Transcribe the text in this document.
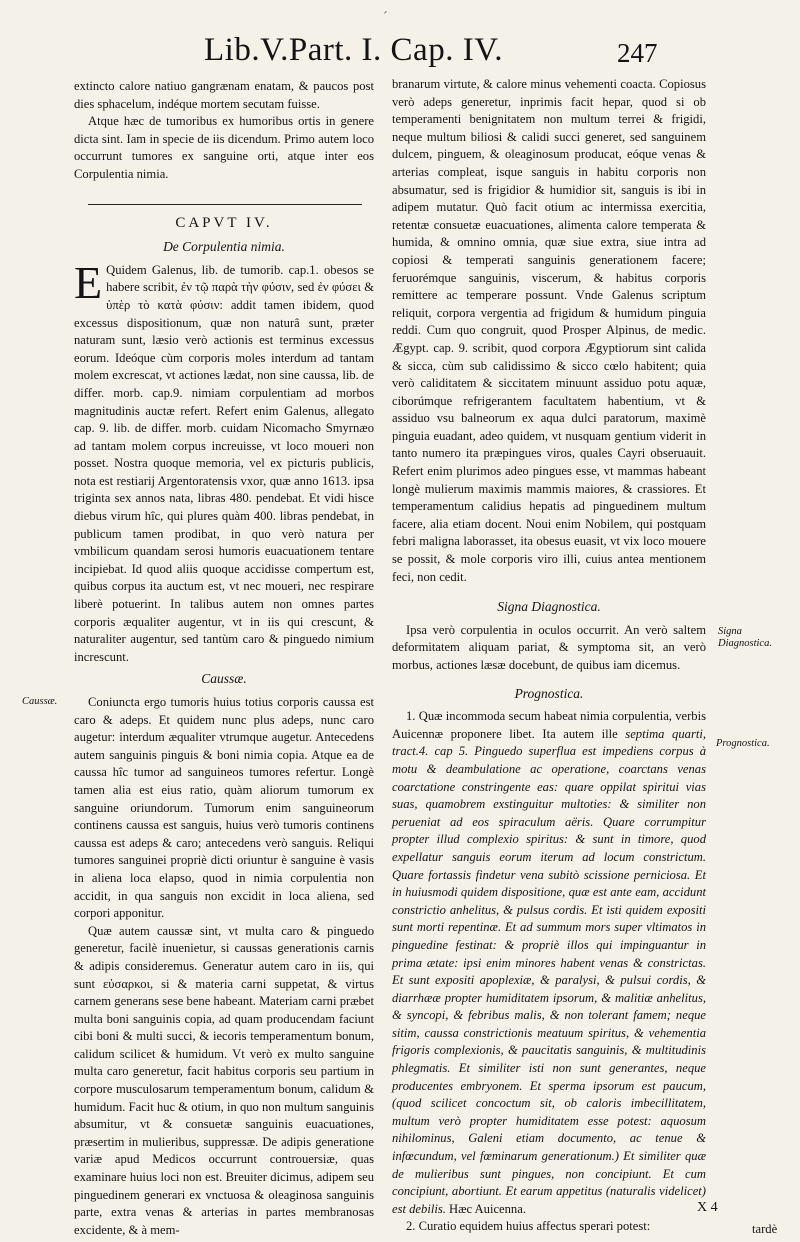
ˊ
Lib.V.Part. I. Cap. IV.	247

extincto calore natiuo gangrænam enatam, & paucos post dies sphacelum, indéque mortem secutam fuisse.

Atque hæc de tumoribus ex humoribus ortis in genere dicta sint. Iam in specie de iis dicendum. Primo autem loco occurrunt tumores ex sanguine orti, atque inter eos Corpulentia nimia.

CAPVT IV.
De Corpulentia nimia.

E Quidem Galenus, lib. de tumorib. cap.1. obesos se habere scribit, ἐν τῷ παρὰ τὴν φύσιν, sed ἐν φύσει & ὑπὲρ τὸ κατὰ φύσιν: addit tamen ibidem, quod excessus dispositionum, quæ non naturâ sunt, præter naturam sunt, læsio verò actionis est terminus excessus eorum. Ideóque cùm corporis moles interdum ad tantam molem excrescat, vt actiones lædat, non sine caussa, lib. de differ. morb. cap.9. nimiam corpulentiam ad morbos magnitudinis auctæ refert. Refert enim Galenus, allegato cap. 9. lib. de differ. morb. cuidam Nicomacho Smyrnæo ad tantam molem corpus increuisse, vt loco moueri non posset. Nostra quoque memoria, vel ex picturis publicis, nota est restiarij Argentoratensis vxor, quæ anno 1613. ipsa triginta sex annos nata, libras 480. pendebat. Et vidi hisce diebus virum hîc, qui plures quàm 400. libras pendebat, in publicum tamen prodibat, in quo verò natura per vmbilicum quandam serosi humoris euacuationem tentare incipiebat. Id quod aliis quoque accidisse compertum est, quibus corpus ita auctum est, vt nec moueri, nec respirare liberè potuerint. In talibus autem non omnes partes corporis æqualiter augentur, vt in iis qui crescunt, & naturaliter augentur, sed tantùm caro & pinguedo nimium increscunt.

Caussæ.

Coniuncta ergo tumoris huius totius corporis caussa est caro & adeps. Et quidem nunc plus adeps, nunc caro augetur: interdum æqualiter vtrumque augetur. Antecedens autem sanguinis pinguis & boni nimia copia. Atque ea de caussa hîc tumor ad sanguineos tumores refertur. Longè tamen alia est eius ratio, quàm aliorum tumorum ex sanguine oriundorum. Tumorum enim sanguineorum continens caussa est sanguis, huius verò tumoris continens caussa est adeps & caro; antecedens verò sanguis. Reliqui tumores sanguinei propriè dicti oriuntur è sanguine è vasis in aliena loca elapso, quod in nimia corpulentia non accidit, in qua sanguis non excidit in loca aliena, sed corpori apponitur.

Quæ autem caussæ sint, vt multa caro & pinguedo generetur, facilè inuenietur, si caussas generationis carnis & adipis consideremus. Generatur autem caro in iis, qui sunt εὐσαρκοι, si & materia carni suppetat, & virtus carnem generans sese bene habeant. Materiam carni præbet multa boni sanguinis copia, ad quam producendam faciunt cibi boni & multi succi, & iecoris temperamentum bonum, calidum scilicet & humidum. Vt verò ex multo sanguine multa caro generetur, facit habitus corporis seu partium in corpore musculosarum temperamentum bonum, calidum & humidum. Facit huc & otium, in quo non multum sanguinis absumitur, vt & consuetæ sanguinis euacuationes, præsertim in mulieribus, suppressæ. De adipis generatione variæ apud Medicos occurrunt controuersiæ, quas examinare huius loci non est. Breuiter dicimus, adipem seu pinguedinem generari ex vnctuosa & oleaginosa sanguinis parte, extra venas & arterias in partes membranosas excidente, & à mem-

Caussæ.

branarum virtute, & calore minus vehementi coacta. Copiosus verò adeps generetur, inprimis facit hepar, quod si ob temperamenti benignitatem non multum terrei & frigidi, neque multum biliosi & calidi succi generet, sed sanguinem dulcem, pinguem, & oleaginosum producat, eóque venas & arterias compleat, isque sanguis in habitu corporis non absumatur, sed is frigidior & humidior sit, sanguis is ibi in adipem mutatur. Quò facit otium ac intermissa exercitia, retentæ consuetæ euacuationes, alimenta calore temperata & humida, & omnino omnia, quæ siue extra, siue intra ad copiosi & temperati sanguinis generationem facere; feruorémque sanguinis, viscerum, & habitus corporis remittere ac temperare possunt. Vnde Galenus scriptum reliquit, corpora vergentia ad frigidum & humidum pinguia reddi. Cum quo congruit, quod Prosper Alpinus, de medic. Ægypt. cap. 9. scribit, quod corpora Ægyptiorum sint calida & sicca, cùm sub calidissimo & sicco cœlo habitent; quia verò caliditatem & siccitatem minuunt assiduo potu aquæ, ciborúmque refrigerantem facultatem habentium, vt & assiduo vsu balneorum ex aqua dulci paratorum, maximè pinguia euadant, adeo quidem, vt nusquam gentium viderit in tanto numero ita præpingues viros, quales Cayri obseruauit. Refert enim plurimos adeo pingues esse, vt mammas habeant longè mulierum maximis mammis maiores, & crassiores. Et temperamentum calidius hepatis ad pinguedinem multum facere, alia etiam docent. Noui enim Nobilem, qui postquam febri maligna laborasset, ita obesus euasit, vt vix loco mouere se possit, & mole corporis viro illi, cuius antea mentionem feci, non cedit.

Signa Diagnostica.

Ipsa verò corpulentia in oculos occurrit. An verò saltem deformitatem aliquam pariat, & symptoma sit, an verò morbus, actiones læsæ docebunt, de quibus iam dicemus.

Prognostica.

1. Quæ incommoda secum habeat nimia corpulentia, verbis Auicennæ proponere libet. Ita autem ille septima quarti, tract.4. cap 5. Pinguedo superflua est impediens corpus à motu & deambulatione ac operatione, coarctans venas coarctatione constringente eas: quare oppilat spiritui vias suas, quamobrem exstinguitur multoties: & similiter non perueniat ad eos spiraculum aëris. Quare corrumpitur propter illud complexio spiritus: & sunt in timore, quod expellatur sanguis eorum iterum ad locum constrictum. Quare fortassis findetur vena subitò scissione perniciosa. Et in huiusmodi quidem dispositione, quæ est ante eam, accidunt constrictio anhelitus, & pulsus cordis. Et isti quidem expositi sunt morti repentinæ. Et ad summum mors super vltimatos in pinguedine festinat: & propriè illos qui impinguantur in prima ætate: ipsi enim minores habent venas & constrictas. Et sunt expositi apoplexiæ, & paralysi, & pulsui cordis, & diarrhææ propter humiditatem ipsorum, & malitiæ anhelitus, & syncopi, & febribus malis, & non tolerant famem; neque sitim, caussa constrictionis meatuum spiritus, & vehementia frigoris complexionis, & paucitatis sanguinis, & multitudinis phlegmatis. Et similiter isti non sunt generantes, neque producentes embryonem. Et sperma ipsorum est paucum, (quod scilicet concoctum sit, ob caloris imbecillitatem, multum verò propter humiditatem esse potest: aquosum nihilominus, Galeni etiam documento, ac tenue & infœcundum, vel fœminarum generationum.) Et similiter quæ de mulieribus sunt pingues, non concipiunt. Et cum concipiunt, abortiunt. Et earum appetitus (naturalis videlicet) est debilis. Hæc Auicenna.

2. Curatio equidem huius affectus sperari potest:

Signa Diagnostica.
Prognostica.
X 4
tardè
